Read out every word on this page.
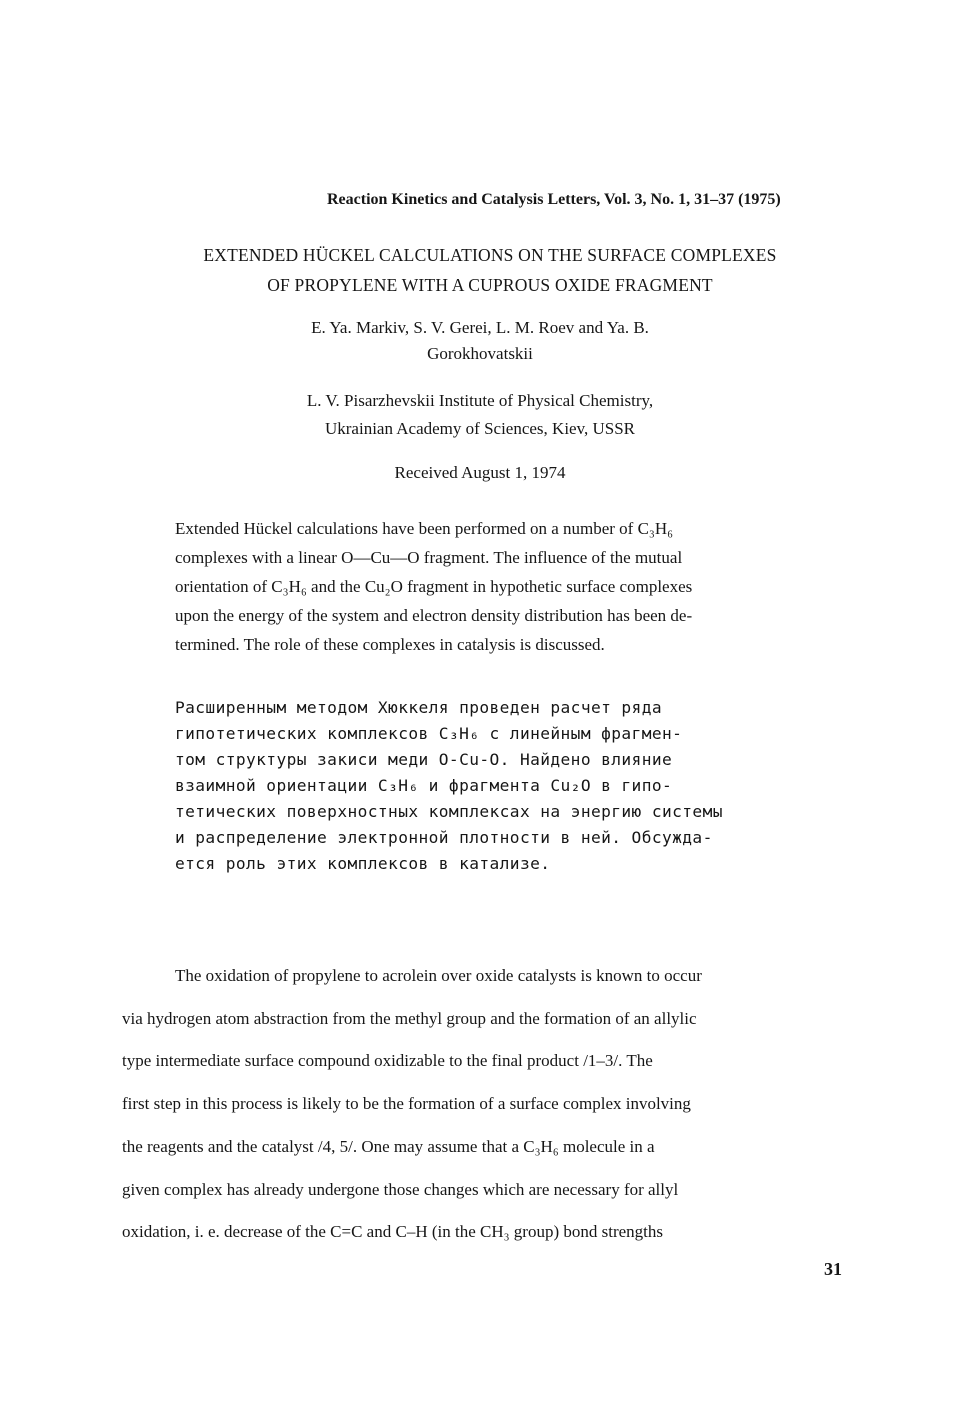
Reaction Kinetics and Catalysis Letters, Vol. 3, No. 1, 31–37 (1975)
EXTENDED HÜCKEL CALCULATIONS ON THE SURFACE COMPLEXES
OF PROPYLENE WITH A CUPROUS OXIDE FRAGMENT
E. Ya. Markiv, S. V. Gerei, L. M. Roev and Ya. B.
Gorokhovatskii
L. V. Pisarzhevskii Institute of Physical Chemistry,
Ukrainian Academy of Sciences, Kiev, USSR
Received August 1, 1974
Extended Hückel calculations have been performed on a number of C₃H₆
complexes with a linear O—Cu—O fragment. The influence of the mutual
orientation of C₃H₆ and the Cu₂O fragment in hypothetic surface complexes
upon the energy of the system and electron density distribution has been de-
termined. The role of these complexes in catalysis is discussed.
Расширенным методом Хюккеля проведен расчет ряда
гипотетических комплексов C₃H₆ с линейным фрагмен-
том структуры закиси меди O-Cu-O. Найдено влияние
взаимной ориентации C₃H₆ и фрагмента Cu₂O в гипо-
тетических поверхностных комплексах на энергию системы
и распределение электронной плотности в ней. Обсужда-
ется роль этих комплексов в катализе.
The oxidation of propylene to acrolein over oxide catalysts is known to occur
via hydrogen atom abstraction from the methyl group and the formation of an allylic
type intermediate surface compound oxidizable to the final product /1–3/. The
first step in this process is likely to be the formation of a surface complex involving
the reagents and the catalyst /4, 5/. One may assume that a C₃H₆ molecule in a
given complex has already undergone those changes which are necessary for allyl
oxidation, i. e. decrease of the C=C and C–H (in the CH₃ group) bond strengths
31
